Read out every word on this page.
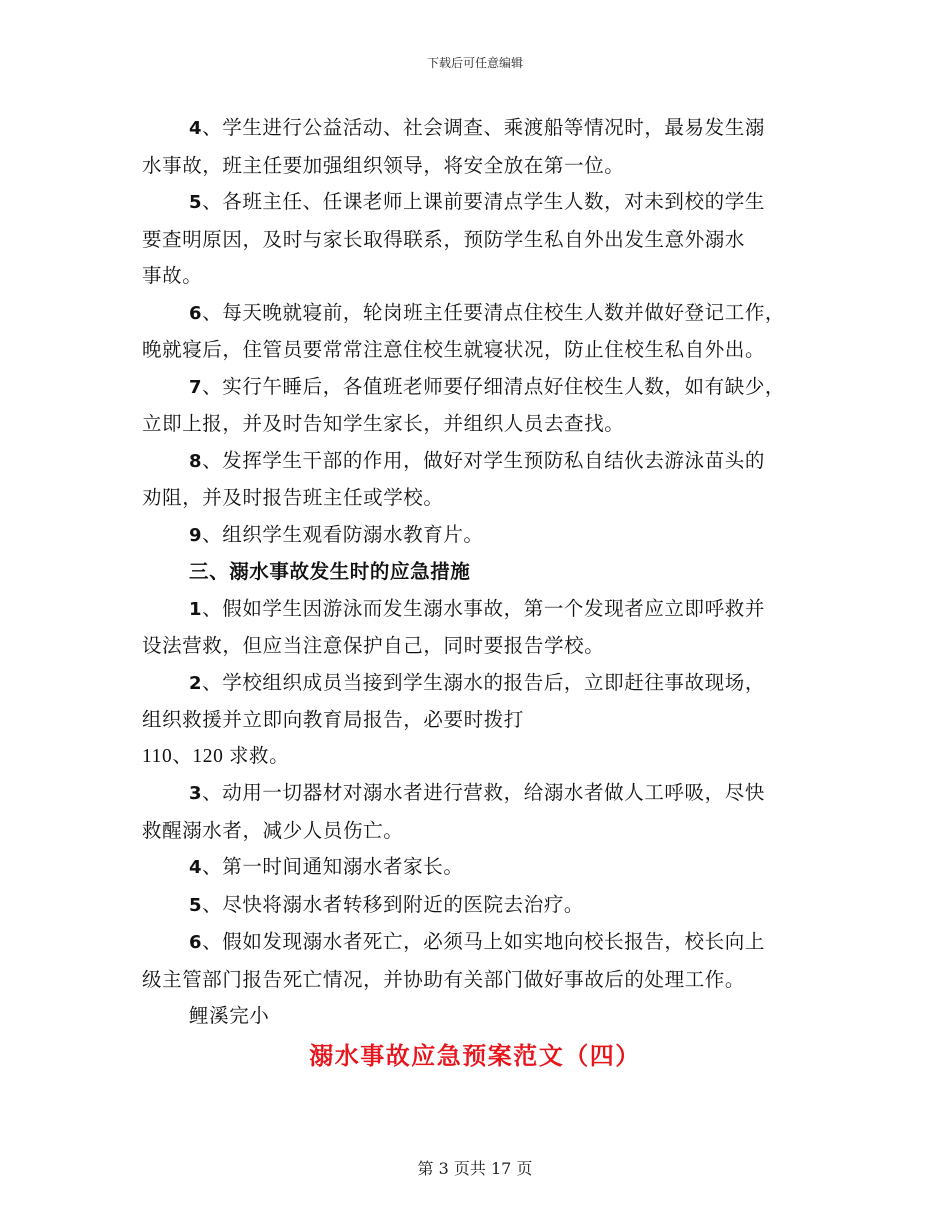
下载后可任意编辑
4、学生进行公益活动、社会调查、乘渡船等情况时，最易发生溺
水事故，班主任要加强组织领导，将安全放在第一位。
5、各班主任、任课老师上课前要清点学生人数，对未到校的学生
要查明原因，及时与家长取得联系，预防学生私自外出发生意外溺水
事故。
6、每天晚就寝前，轮岗班主任要清点住校生人数并做好登记工作，
晚就寝后，住管员要常常注意住校生就寝状况，防止住校生私自外出。
7、实行午睡后，各值班老师要仔细清点好住校生人数，如有缺少，
立即上报，并及时告知学生家长，并组织人员去查找。
8、发挥学生干部的作用，做好对学生预防私自结伙去游泳苗头的
劝阻，并及时报告班主任或学校。
9、组织学生观看防溺水教育片。
三、溺水事故发生时的应急措施
1、假如学生因游泳而发生溺水事故，第一个发现者应立即呼救并
设法营救，但应当注意保护自己，同时要报告学校。
2、学校组织成员当接到学生溺水的报告后，立即赶往事故现场，
组织救援并立即向教育局报告，必要时拨打
110、120 求救。
3、动用一切器材对溺水者进行营救，给溺水者做人工呼吸，尽快
救醒溺水者，减少人员伤亡。
4、第一时间通知溺水者家长。
5、尽快将溺水者转移到附近的医院去治疗。
6、假如发现溺水者死亡，必须马上如实地向校长报告，校长向上
级主管部门报告死亡情况，并协助有关部门做好事故后的处理工作。
鲤溪完小
溺水事故应急预案范文（四）
第 3 页共 17 页
